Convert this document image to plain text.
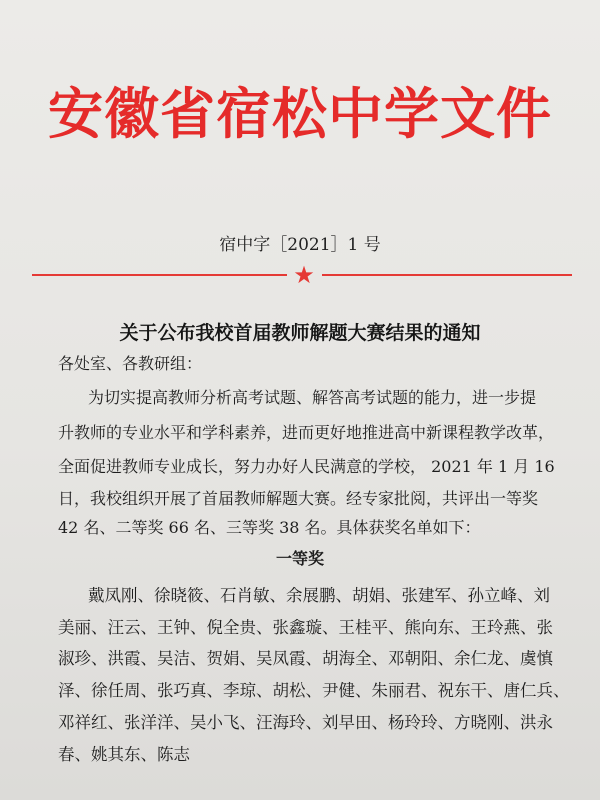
安徽省宿松中学文件
宿中字［2021］1 号
★
关于公布我校首届教师解题大赛结果的通知
各处室、各教研组：
为切实提高教师分析高考试题、解答高考试题的能力，进一步提
升教师的专业水平和学科素养，进而更好地推进高中新课程教学改革，
全面促进教师专业成长，努力办好人民满意的学校， 2021 年 1 月 16
日，我校组织开展了首届教师解题大赛。经专家批阅，共评出一等奖
42 名、二等奖 66 名、三等奖 38 名。具体获奖名单如下：
一等奖
戴凤刚、徐晓筱、石肖敏、余展鹏、胡娟、张建军、孙立峰、刘
美丽、汪云、王钟、倪全贵、张鑫璇、王桂平、熊向东、王玲燕、张
淑珍、洪霞、吴洁、贺娟、吴凤霞、胡海全、邓朝阳、余仁龙、虞慎
泽、徐任周、张巧真、李琼、胡松、尹健、朱丽君、祝东干、唐仁兵、
邓祥红、张洋洋、吴小飞、汪海玲、刘早田、杨玲玲、方晓刚、洪永
春、姚其东、陈志
